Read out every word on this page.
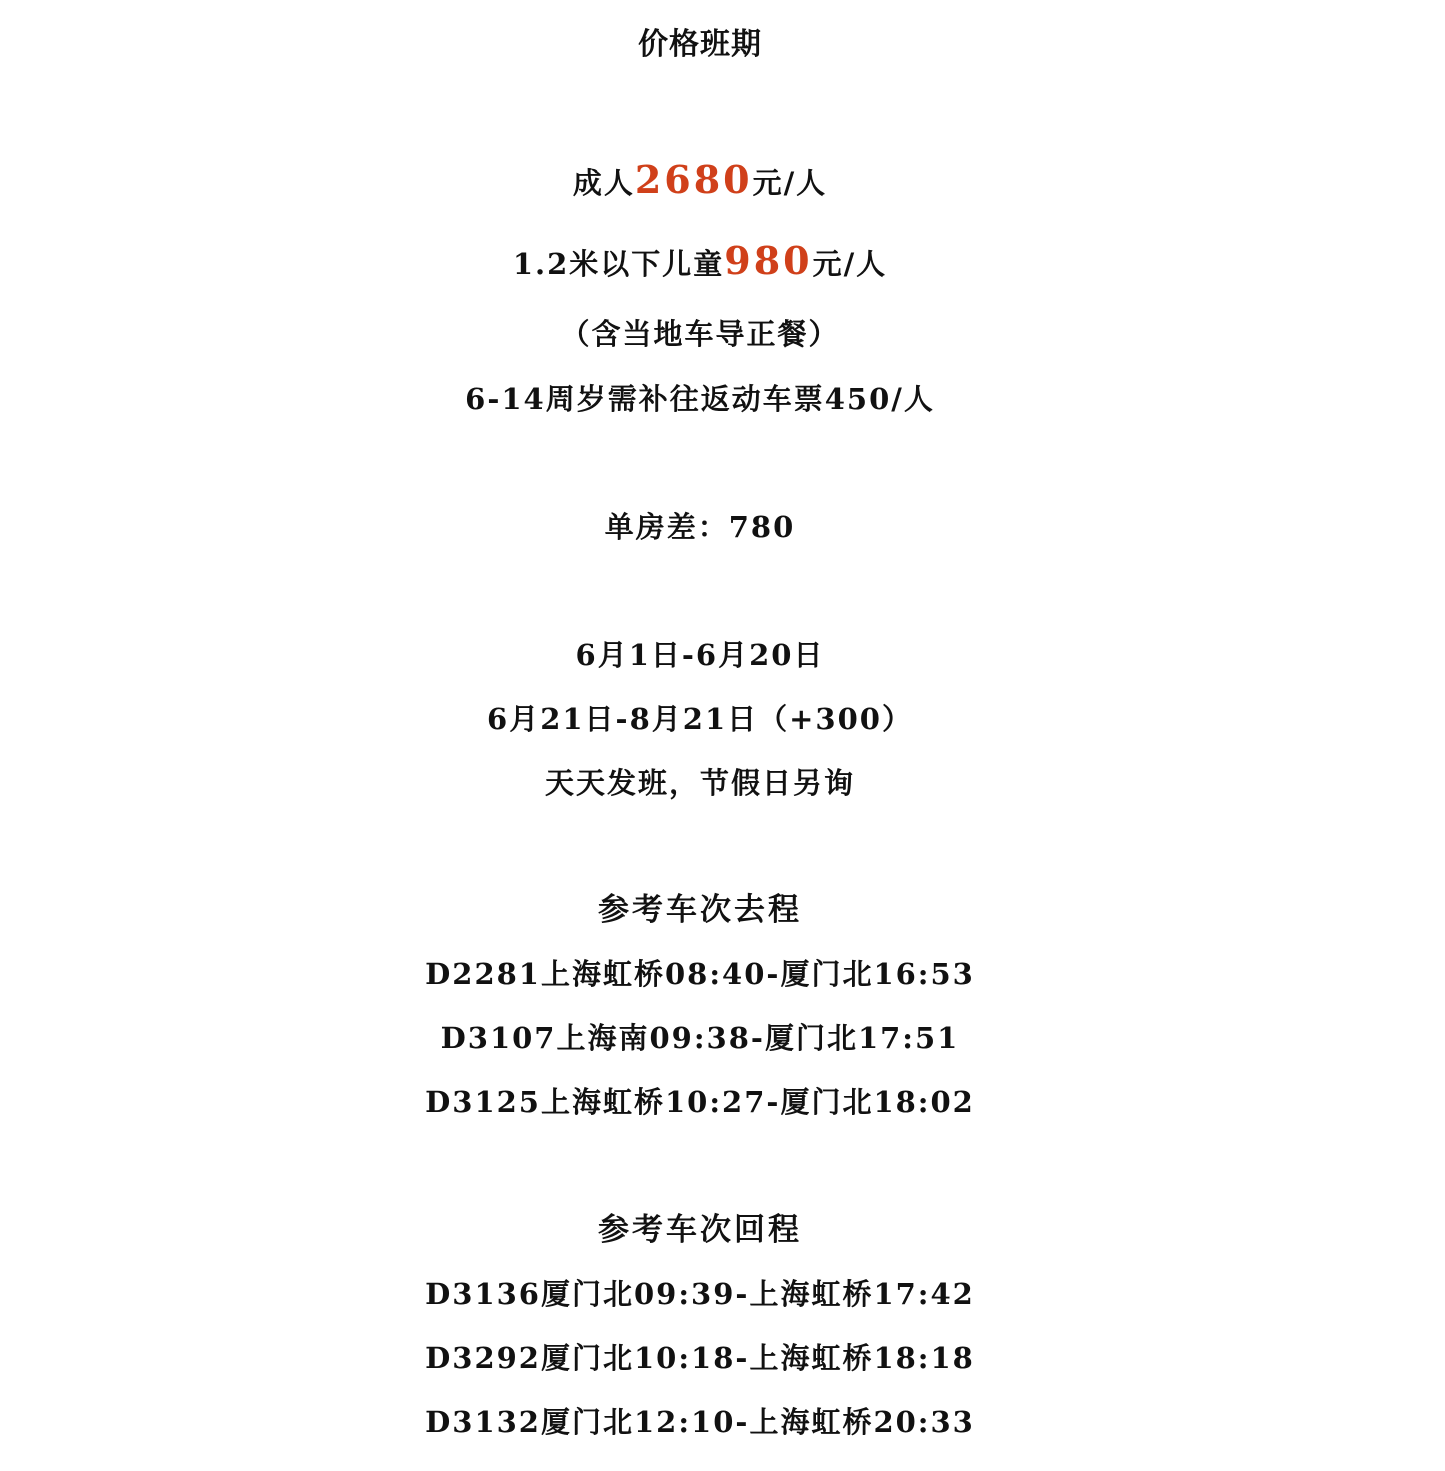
价格班期
成人2680元/人
1.2米以下儿童980元/人
（含当地车导正餐）
6-14周岁需补往返动车票450/人
单房差：780
6月1日-6月20日
6月21日-8月21日（+300）
天天发班，节假日另询
参考车次去程
D2281上海虹桥08:40-厦门北16:53
D3107上海南09:38-厦门北17:51
D3125上海虹桥10:27-厦门北18:02
参考车次回程
D3136厦门北09:39-上海虹桥17:42
D3292厦门北10:18-上海虹桥18:18
D3132厦门北12:10-上海虹桥20:33
